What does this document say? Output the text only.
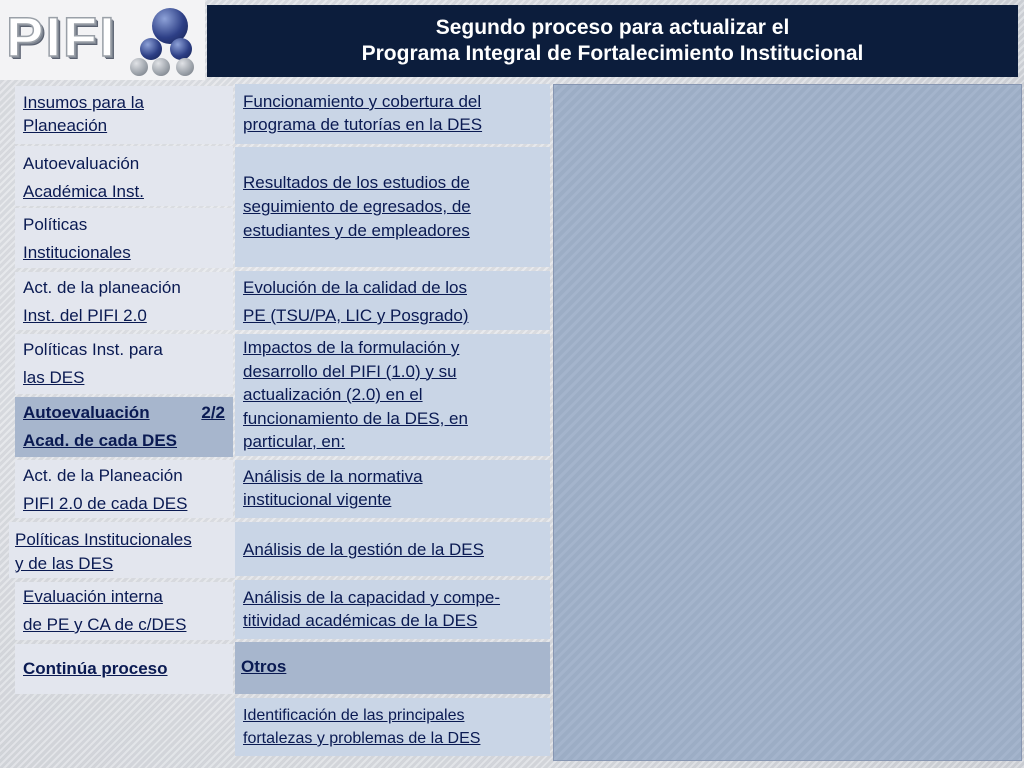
PIFI	Segundo proceso para actualizar el
Programa Integral de Fortalecimiento Institucional
Insumos para la
Planeación
Autoevaluación
Académica Inst.
Políticas
Institucionales
Act. de la planeación
Inst. del PIFI 2.0
Políticas Inst. para
las DES
Autoevaluación	2/2
Acad. de cada DES
Act. de la Planeación
PIFI 2.0 de cada DES
Políticas Institucionales
y de las DES
Evaluación interna
de PE y CA de c/DES
Continúa proceso
Funcionamiento y cobertura del
programa de tutorías en la DES
Resultados de los estudios de
seguimiento de egresados, de
estudiantes y de empleadores
Evolución de la calidad de los
PE (TSU/PA, LIC y Posgrado)
Impactos de la formulación y
desarrollo del PIFI (1.0) y su
actualización (2.0) en el
funcionamiento de la DES, en
particular, en:
Análisis de la normativa
institucional vigente
Análisis de la gestión de la DES
Análisis de la capacidad y compe-
titividad académicas de la DES
Otros
Identificación de las principales
fortalezas y problemas de la DES
